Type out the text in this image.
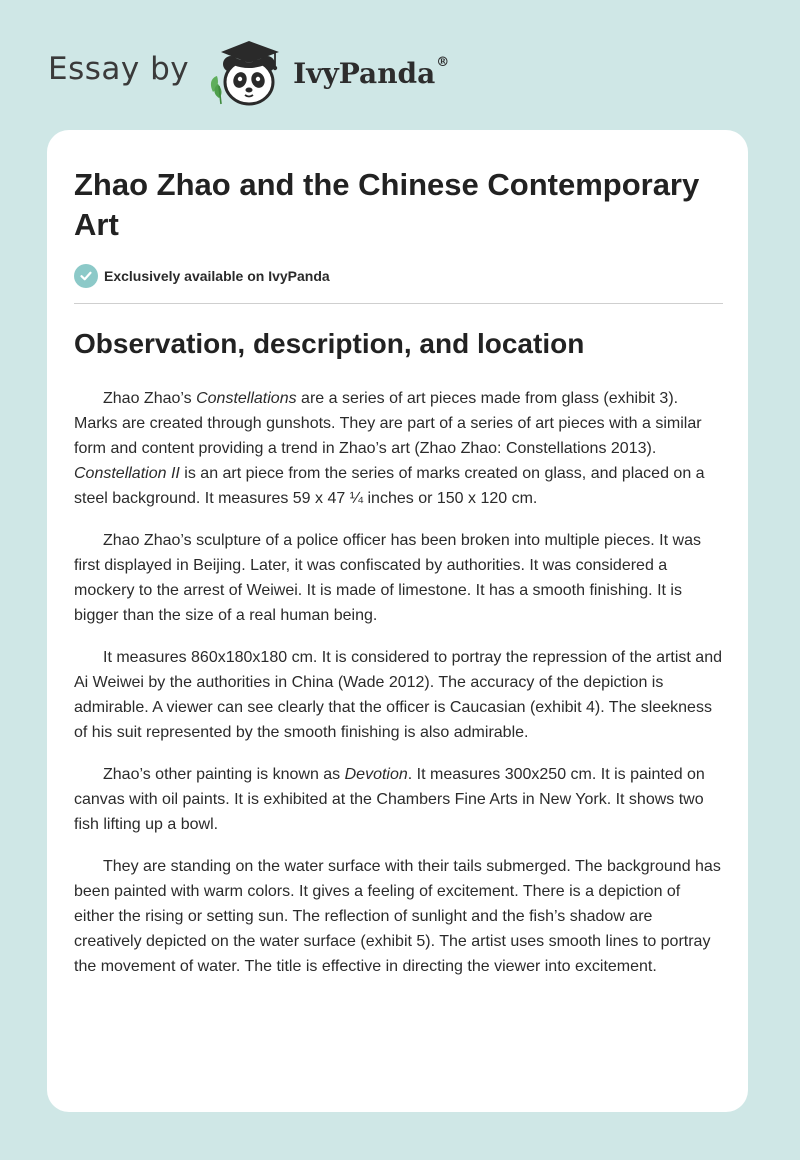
Essay by	IvyPanda®
Zhao Zhao and the Chinese Contemporary Art
Exclusively available on IvyPanda
Observation, description, and location

Zhao Zhao’s Constellations are a series of art pieces made from glass (exhibit 3). Marks are created through gunshots. They are part of a series of art pieces with a similar form and content providing a trend in Zhao’s art (Zhao Zhao: Constellations 2013). Constellation II is an art piece from the series of marks created on glass, and placed on a steel background. It measures 59 x 47 ¼ inches or 150 x 120 cm.

Zhao Zhao’s sculpture of a police officer has been broken into multiple pieces. It was first displayed in Beijing. Later, it was confiscated by authorities. It was considered a mockery to the arrest of Weiwei. It is made of limestone. It has a smooth finishing. It is bigger than the size of a real human being.

It measures 860x180x180 cm. It is considered to portray the repression of the artist and Ai Weiwei by the authorities in China (Wade 2012). The accuracy of the depiction is admirable. A viewer can see clearly that the officer is Caucasian (exhibit 4). The sleekness of his suit represented by the smooth finishing is also admirable.

Zhao’s other painting is known as Devotion. It measures 300x250 cm. It is painted on canvas with oil paints. It is exhibited at the Chambers Fine Arts in New York. It shows two fish lifting up a bowl.

They are standing on the water surface with their tails submerged. The background has been painted with warm colors. It gives a feeling of excitement. There is a depiction of either the rising or setting sun. The reflection of sunlight and the fish’s shadow are creatively depicted on the water surface (exhibit 5). The artist uses smooth lines to portray the movement of water. The title is effective in directing the viewer into excitement.
